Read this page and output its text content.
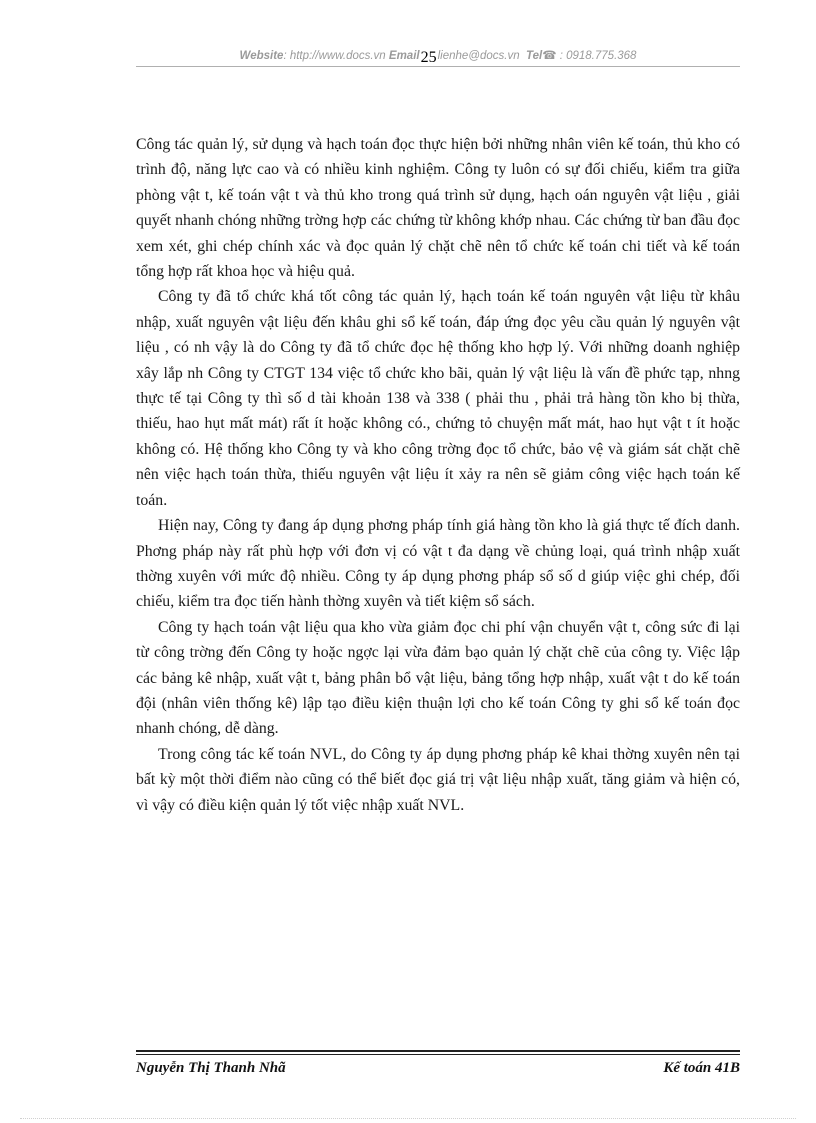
Website: http://www.docs.vn Email25lienhe@docs.vn Tel☎ : 0918.775.368

Công tác quản lý, sử dụng và hạch toán đọc thực hiện bởi những nhân viên kế toán, thủ kho có trình độ, năng lực cao và có nhiều kinh nghiệm. Công ty luôn có sự đối chiếu, kiểm tra giữa phòng vật t, kế toán vật t và thủ kho trong quá trình sử dụng, hạch oán nguyên vật liệu , giải quyết nhanh chóng những trờng hợp các chứng từ không khớp nhau. Các chứng từ ban đầu đọc xem xét, ghi chép chính xác và đọc quản lý chặt chẽ nên tổ chức kế toán chi tiết và kế toán tổng hợp rất khoa học và hiệu quả.

Công ty đã tổ chức khá tốt công tác quản lý, hạch toán kế toán nguyên vật liệu từ khâu nhập, xuất nguyên vật liệu đến khâu ghi sổ kế toán, đáp ứng đọc yêu cầu quản lý nguyên vật liệu , có nh vậy là do Công ty đã tổ chức đọc hệ thống kho hợp lý. Với những doanh nghiệp xây lắp nh Công ty CTGT 134 việc tổ chức kho bãi, quản lý vật liệu là vấn đề phức tạp, nhng thực tế tại Công ty thì số d tài khoản 138 và 338 ( phải thu , phải trả hàng tồn kho bị thừa, thiếu, hao hụt mất mát) rất ít hoặc không có., chứng tỏ chuyện mất mát, hao hụt vật t ít hoặc không có. Hệ thống kho Công ty và kho công trờng đọc tổ chức, bảo vệ và giám sát chặt chẽ nên việc hạch toán thừa, thiếu nguyên vật liệu ít xảy ra nên sẽ giảm công việc hạch toán kế toán.

Hiện nay, Công ty đang áp dụng phơng pháp tính giá hàng tồn kho là giá thực tế đích danh. Phơng pháp này rất phù hợp với đơn vị có vật t đa dạng về chủng loại, quá trình nhập xuất thờng xuyên với mức độ nhiều. Công ty áp dụng phơng pháp sổ số d giúp việc ghi chép, đối chiếu, kiểm tra đọc tiến hành thờng xuyên và tiết kiệm sổ sách.

Công ty hạch toán vật liệu qua kho vừa giảm đọc chi phí vận chuyển vật t, công sức đi lại từ công trờng đến Công ty hoặc ngợc lại vừa đảm bạo quản lý chặt chẽ của công ty. Việc lập các bảng kê nhập, xuất vật t, bảng phân bổ vật liệu, bảng tổng hợp nhập, xuất vật t do kế toán đội (nhân viên thống kê) lập tạo điều kiện thuận lợi cho kế toán Công ty ghi sổ kế toán đọc nhanh chóng, dễ dàng.

Trong công tác kế toán NVL, do Công ty áp dụng phơng pháp kê khai thờng xuyên nên tại bất kỳ một thời điểm nào cũng có thể biết đọc giá trị vật liệu nhập xuất, tăng giảm và hiện có, vì vậy có điều kiện quản lý tốt việc nhập xuất NVL.

Nguyễn Thị Thanh Nhã	Kế toán 41B
